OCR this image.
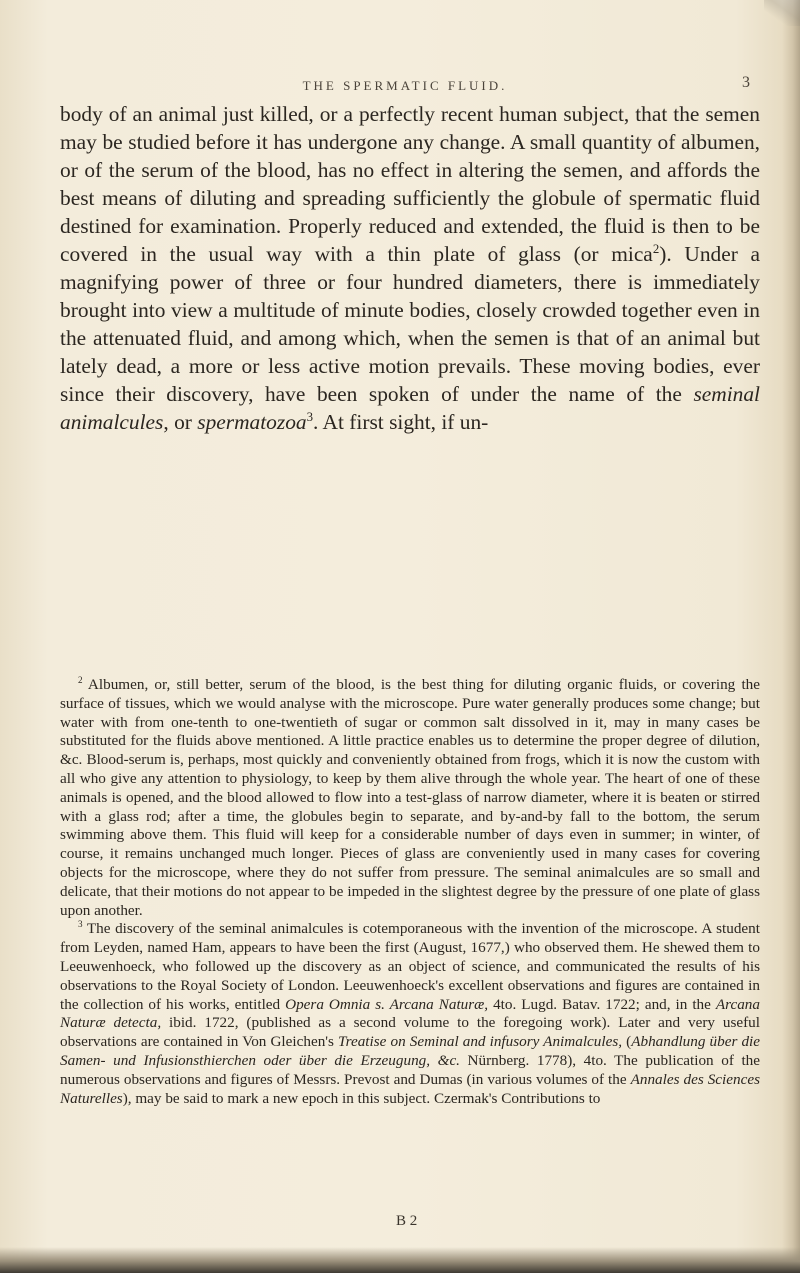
THE SPERMATIC FLUID.	3

body of an animal just killed, or a perfectly recent human subject, that the semen may be studied before it has undergone any change. A small quantity of albumen, or of the serum of the blood, has no effect in altering the semen, and affords the best means of diluting and spreading sufficiently the globule of spermatic fluid destined for examination. Properly reduced and extended, the fluid is then to be covered in the usual way with a thin plate of glass (or mica$^2$). Under a magnifying power of three or four hundred diameters, there is immediately brought into view a multitude of minute bodies, closely crowded together even in the attenuated fluid, and among which, when the semen is that of an animal but lately dead, a more or less active motion prevails. These moving bodies, ever since their discovery, have been spoken of under the name of the seminal animalcules, or spermatozoa$^3$. At first sight, if un-

$^2$ Albumen, or, still better, serum of the blood, is the best thing for diluting organic fluids, or covering the surface of tissues, which we would analyse with the microscope. Pure water generally produces some change; but water with from one-tenth to one-twentieth of sugar or common salt dissolved in it, may in many cases be substituted for the fluids above mentioned. A little practice enables us to determine the proper degree of dilution, &c. Blood-serum is, perhaps, most quickly and conveniently obtained from frogs, which it is now the custom with all who give any attention to physiology, to keep by them alive through the whole year. The heart of one of these animals is opened, and the blood allowed to flow into a test-glass of narrow diameter, where it is beaten or stirred with a glass rod; after a time, the globules begin to separate, and by-and-by fall to the bottom, the serum swimming above them. This fluid will keep for a considerable number of days even in summer; in winter, of course, it remains unchanged much longer. Pieces of glass are conveniently used in many cases for covering objects for the microscope, where they do not suffer from pressure. The seminal animalcules are so small and delicate, that their motions do not appear to be impeded in the slightest degree by the pressure of one plate of glass upon another.

$^3$ The discovery of the seminal animalcules is cotemporaneous with the invention of the microscope. A student from Leyden, named Ham, appears to have been the first (August, 1677,) who observed them. He shewed them to Leeuwenhoeck, who followed up the discovery as an object of science, and communicated the results of his observations to the Royal Society of London. Leeuwenhoeck's excellent observations and figures are contained in the collection of his works, entitled Opera Omnia s. Arcana Naturæ, 4to. Lugd. Batav. 1722; and, in the Arcana Naturæ detecta, ibid. 1722, (published as a second volume to the foregoing work). Later and very useful observations are contained in Von Gleichen's Treatise on Seminal and infusory Animalcules, (Abhandlung über die Samen- und Infusionsthierchen oder über die Erzeugung, &c. Nürnberg. 1778), 4to. The publication of the numerous observations and figures of Messrs. Prevost and Dumas (in various volumes of the Annales des Sciences Naturelles), may be said to mark a new epoch in this subject. Czermak's Contributions to

B 2
